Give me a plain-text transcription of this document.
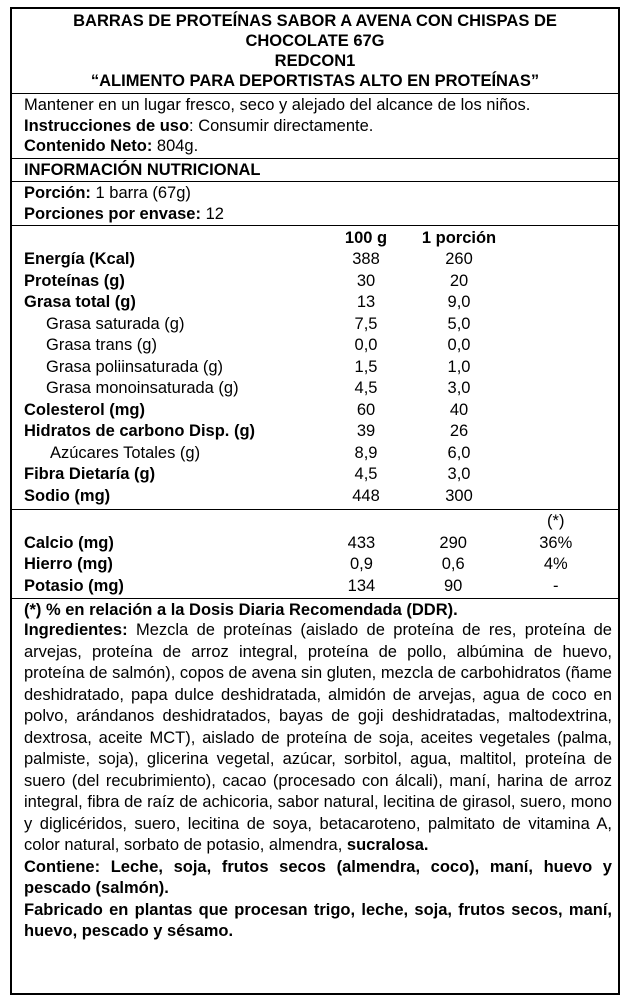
BARRAS DE PROTEÍNAS SABOR A AVENA CON CHISPAS DE
CHOCOLATE 67G
REDCON1
“ALIMENTO PARA DEPORTISTAS ALTO EN PROTEÍNAS”
Mantener en un lugar fresco, seco y alejado del alcance de los niños.
Instrucciones de uso: Consumir directamente.
Contenido Neto: 804g.
INFORMACIÓN NUTRICIONAL
Porción: 1 barra (67g)
Porciones por envase: 12
100 g	1 porción
Energía (Kcal)	388	260
Proteínas (g)	30	20
Grasa total (g)	13	9,0
Grasa saturada (g)	7,5	5,0
Grasa trans (g)	0,0	0,0
Grasa poliinsaturada (g)	1,5	1,0
Grasa monoinsaturada (g)	4,5	3,0
Colesterol (mg)	60	40
Hidratos de carbono Disp. (g)	39	26
Azúcares Totales (g)	8,9	6,0
Fibra Dietaría (g)	4,5	3,0
Sodio (mg)	448	300
(*)
Calcio (mg)	433	290	36%
Hierro (mg)	0,9	0,6	4%
Potasio (mg)	134	90	-
(*) % en relación a la Dosis Diaria Recomendada (DDR).
Ingredientes: Mezcla de proteínas (aislado de proteína de res, proteína de arvejas, proteína de arroz integral, proteína de pollo, albúmina de huevo, proteína de salmón), copos de avena sin gluten, mezcla de carbohidratos (ñame deshidratado, papa dulce deshidratada, almidón de arvejas, agua de coco en polvo, arándanos deshidratados, bayas de goji deshidratadas, maltodextrina, dextrosa, aceite MCT), aislado de proteína de soja, aceites vegetales (palma, palmiste, soja), glicerina vegetal, azúcar, sorbitol, agua, maltitol, proteína de suero (del recubrimiento), cacao (procesado con álcali), maní, harina de arroz integral, fibra de raíz de achicoria, sabor natural, lecitina de girasol, suero, mono y diglicéridos, suero, lecitina de soya, betacaroteno, palmitato de vitamina A, color natural, sorbato de potasio, almendra, sucralosa.
Contiene: Leche, soja, frutos secos (almendra, coco), maní, huevo y pescado (salmón).
Fabricado en plantas que procesan trigo, leche, soja, frutos secos, maní, huevo, pescado y sésamo.
